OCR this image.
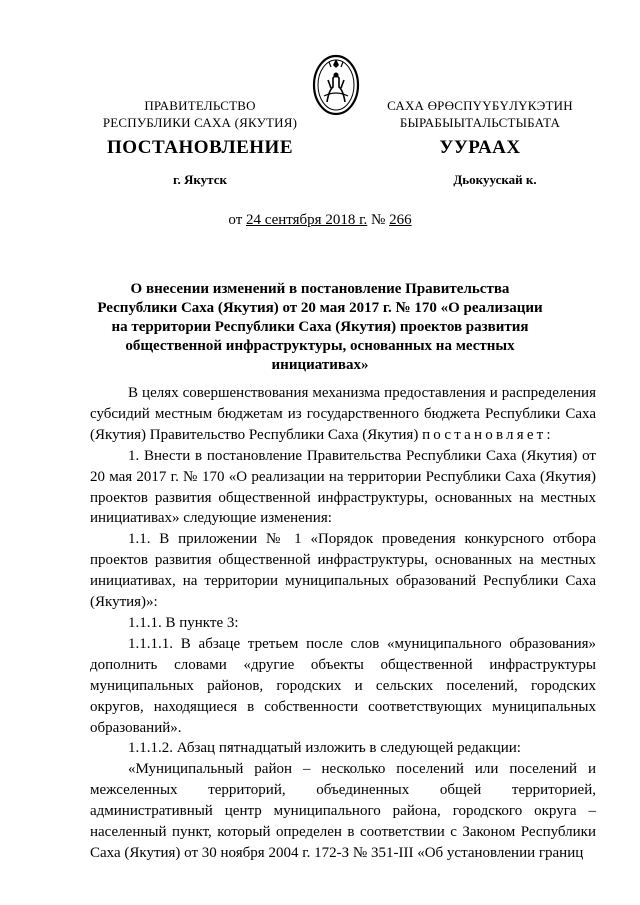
ПРАВИТЕЛЬСТВО
РЕСПУБЛИКИ САХА (ЯКУТИЯ)
САХА ӨРӨСПҮҮБҮЛҮКЭТИН
БЫРАБЫЫТАЛЬСТЫБАТА
ПОСТАНОВЛЕНИЕ	УУРААХ
г. Якутск	Дьокуускай к.
от 24 сентября 2018 г. № 266
О внесении изменений в постановление Правительства Республики Саха (Якутия) от 20 мая 2017 г. № 170 «О реализации на территории Республики Саха (Якутия) проектов развития общественной инфраструктуры, основанных на местных инициативах»

В целях совершенствования механизма предоставления и распределения субсидий местным бюджетам из государственного бюджета Республики Саха (Якутия) Правительство Республики Саха (Якутия) постановляет:

1. Внести в постановление Правительства Республики Саха (Якутия) от 20 мая 2017 г. № 170 «О реализации на территории Республики Саха (Якутия) проектов развития общественной инфраструктуры, основанных на местных инициативах» следующие изменения:

1.1. В приложении № 1 «Порядок проведения конкурсного отбора проектов развития общественной инфраструктуры, основанных на местных инициативах, на территории муниципальных образований Республики Саха (Якутия)»:

1.1.1. В пункте 3:

1.1.1.1. В абзаце третьем после слов «муниципального образования» дополнить словами «другие объекты общественной инфраструктуры муниципальных районов, городских и сельских поселений, городских округов, находящиеся в собственности соответствующих муниципальных образований».

1.1.1.2. Абзац пятнадцатый изложить в следующей редакции:

«Муниципальный район – несколько поселений или поселений и межселенных территорий, объединенных общей территорией, административный центр муниципального района, городского округа – населенный пункт, который определен в соответствии с Законом Республики Саха (Якутия) от 30 ноября 2004 г. 172-З № 351-III «Об установлении границ
